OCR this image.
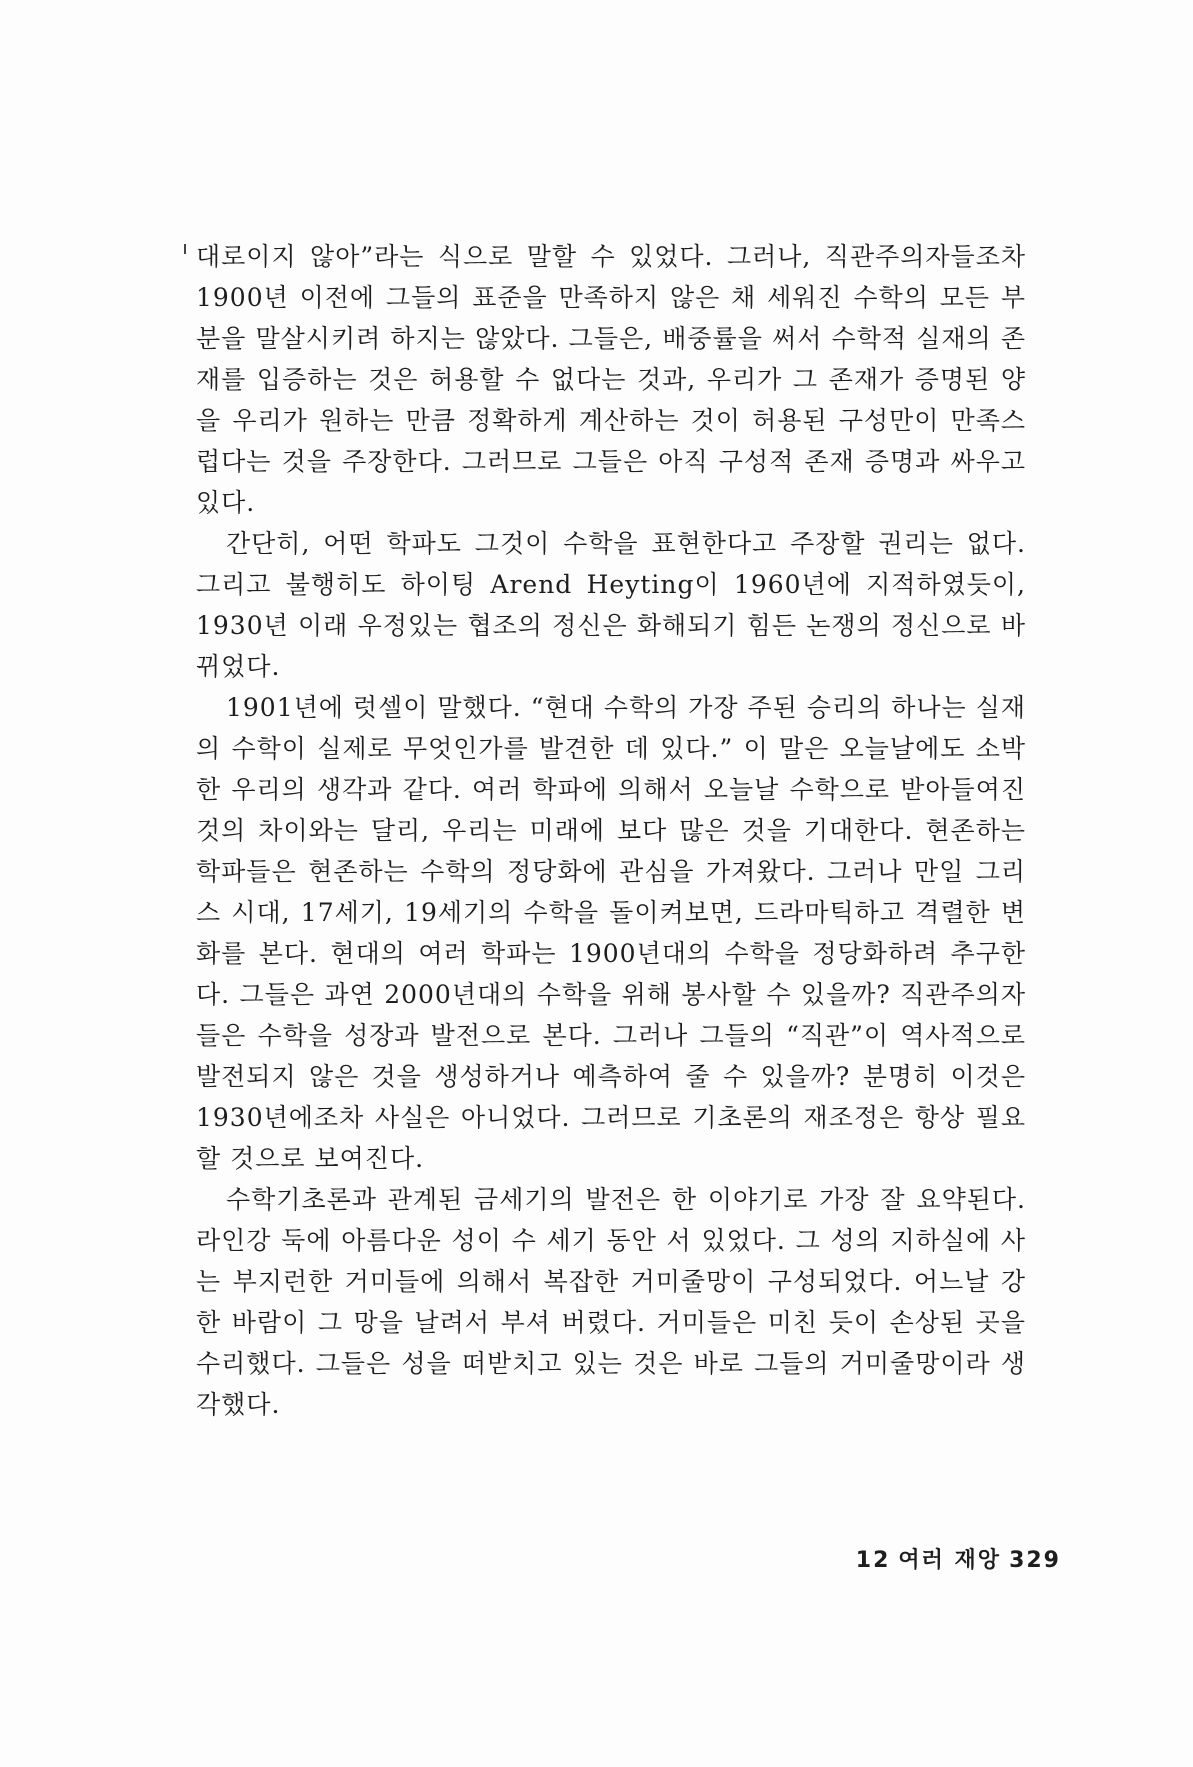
대로이지 않아”라는 식으로 말할 수 있었다. 그러나, 직관주의자들조차 1900년 이전에 그들의 표준을 만족하지 않은 채 세워진 수학의 모든 부분을 말살시키려 하지는 않았다. 그들은, 배중률을 써서 수학적 실재의 존재를 입증하는 것은 허용할 수 없다는 것과, 우리가 그 존재가 증명된 양을 우리가 원하는 만큼 정확하게 계산하는 것이 허용된 구성만이 만족스럽다는 것을 주장한다. 그러므로 그들은 아직 구성적 존재 증명과 싸우고 있다.

간단히, 어떤 학파도 그것이 수학을 표현한다고 주장할 권리는 없다. 그리고 불행히도 하이팅 Arend Heyting이 1960년에 지적하였듯이, 1930년 이래 우정있는 협조의 정신은 화해되기 힘든 논쟁의 정신으로 바뀌었다.

1901년에 럿셀이 말했다. “현대 수학의 가장 주된 승리의 하나는 실재의 수학이 실제로 무엇인가를 발견한 데 있다.” 이 말은 오늘날에도 소박한 우리의 생각과 같다. 여러 학파에 의해서 오늘날 수학으로 받아들여진 것의 차이와는 달리, 우리는 미래에 보다 많은 것을 기대한다. 현존하는 학파들은 현존하는 수학의 정당화에 관심을 가져왔다. 그러나 만일 그리스 시대, 17세기, 19세기의 수학을 돌이켜보면, 드라마틱하고 격렬한 변화를 본다. 현대의 여러 학파는 1900년대의 수학을 정당화하려 추구한다. 그들은 과연 2000년대의 수학을 위해 봉사할 수 있을까? 직관주의자들은 수학을 성장과 발전으로 본다. 그러나 그들의 “직관”이 역사적으로 발전되지 않은 것을 생성하거나 예측하여 줄 수 있을까? 분명히 이것은 1930년에조차 사실은 아니었다. 그러므로 기초론의 재조정은 항상 필요할 것으로 보여진다.

수학기초론과 관계된 금세기의 발전은 한 이야기로 가장 잘 요약된다. 라인강 둑에 아름다운 성이 수 세기 동안 서 있었다. 그 성의 지하실에 사는 부지런한 거미들에 의해서 복잡한 거미줄망이 구성되었다. 어느날 강한 바람이 그 망을 날려서 부셔 버렸다. 거미들은 미친 듯이 손상된 곳을 수리했다. 그들은 성을 떠받치고 있는 것은 바로 그들의 거미줄망이라 생각했다.

12 여러 재앙 329
